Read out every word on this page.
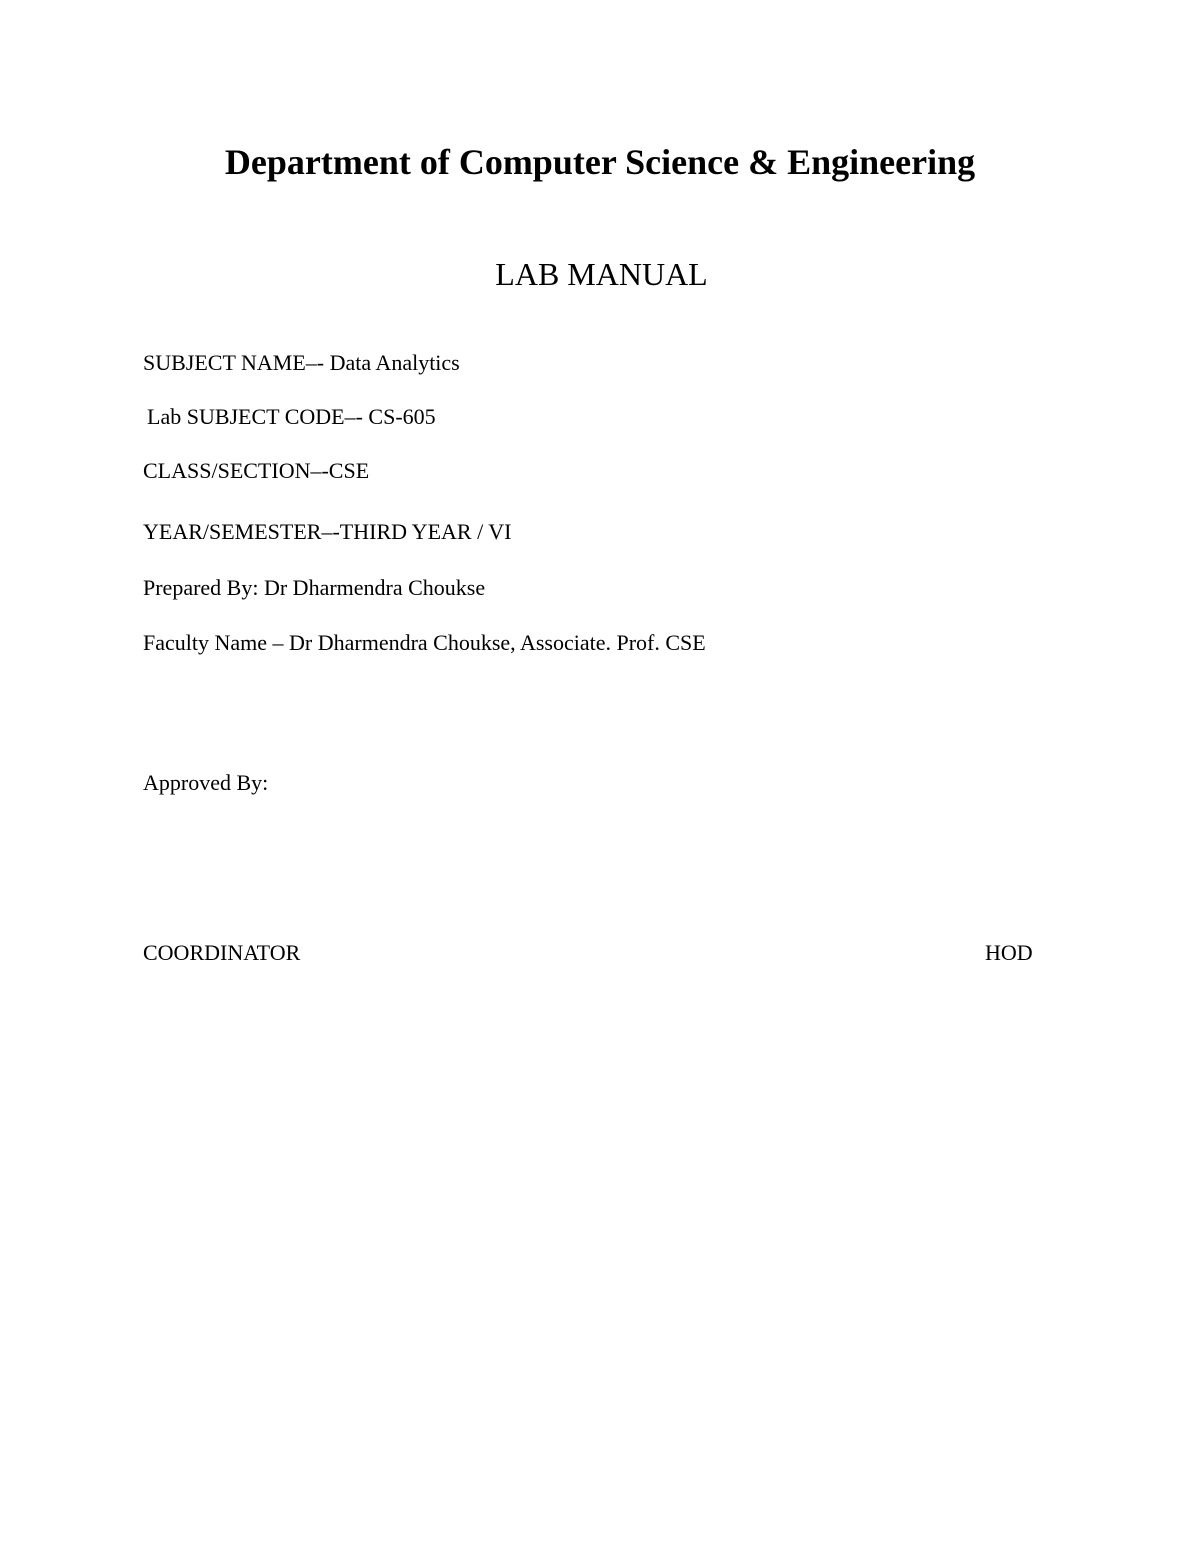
Department of Computer Science & Engineering
LAB MANUAL
SUBJECT NAME–- Data Analytics
Lab SUBJECT CODE–- CS-605
CLASS/SECTION–-CSE
YEAR/SEMESTER–-THIRD YEAR / VI
Prepared By: Dr Dharmendra Choukse
Faculty Name – Dr Dharmendra Choukse, Associate. Prof. CSE
Approved By:
COORDINATOR	HOD
